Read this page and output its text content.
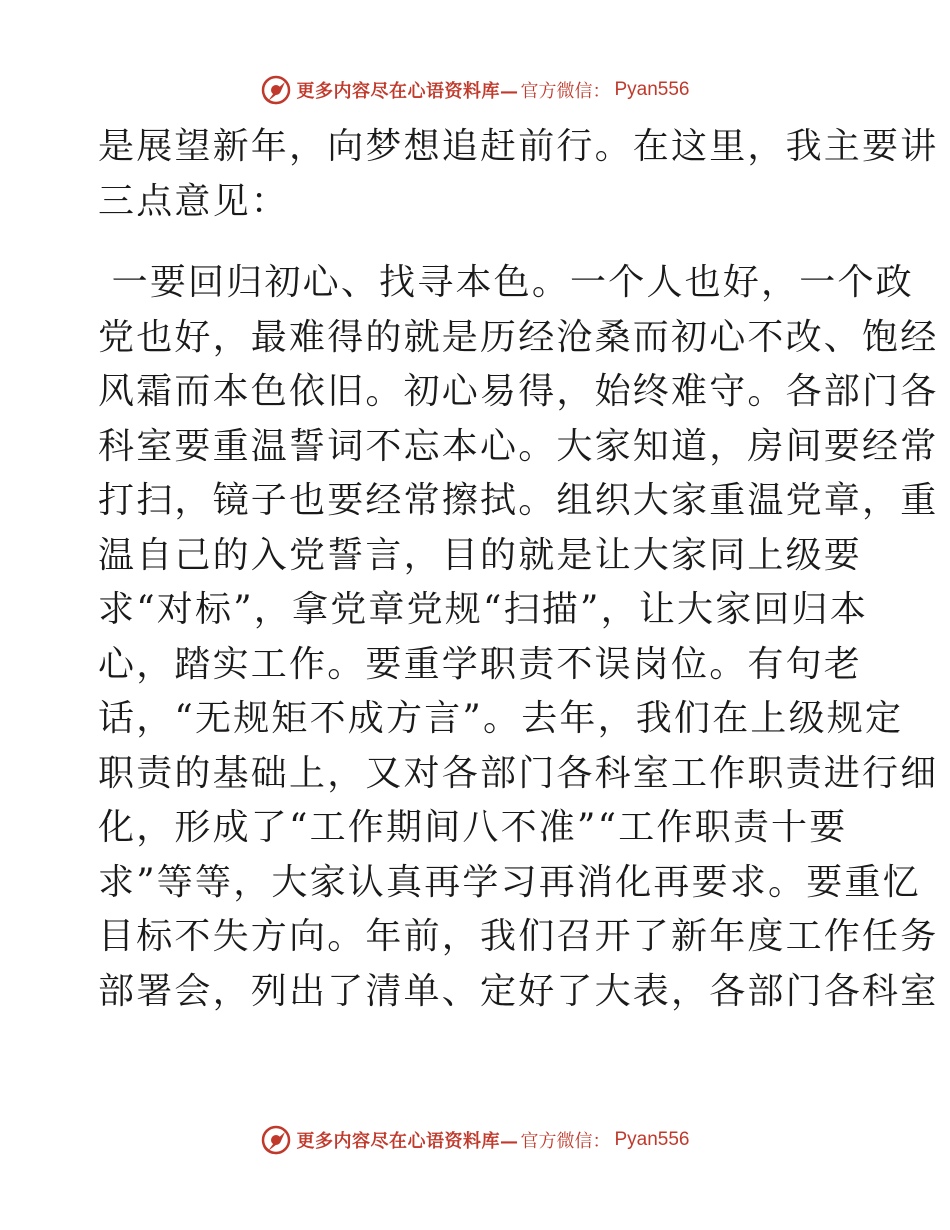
更多内容尽在心语资料库— 官方微信： Pyan556
是展望新年，向梦想追赶前行。在这里，我主要讲
三点意见：
一要回归初心、找寻本色。一个人也好，一个政
党也好，最难得的就是历经沧桑而初心不改、饱经
风霜而本色依旧。初心易得，始终难守。各部门各
科室要重温誓词不忘本心。大家知道，房间要经常
打扫，镜子也要经常擦拭。组织大家重温党章，重
温自己的入党誓言，目的就是让大家同上级要
求“对标”，拿党章党规“扫描”，让大家回归本
心，踏实工作。要重学职责不误岗位。有句老
话，“无规矩不成方言”。去年，我们在上级规定
职责的基础上，又对各部门各科室工作职责进行细
化，形成了“工作期间八不准”“工作职责十要
求”等等，大家认真再学习再消化再要求。要重忆
目标不失方向。年前，我们召开了新年度工作任务
部署会，列出了清单、定好了大表，各部门各科室
更多内容尽在心语资料库— 官方微信： Pyan556
